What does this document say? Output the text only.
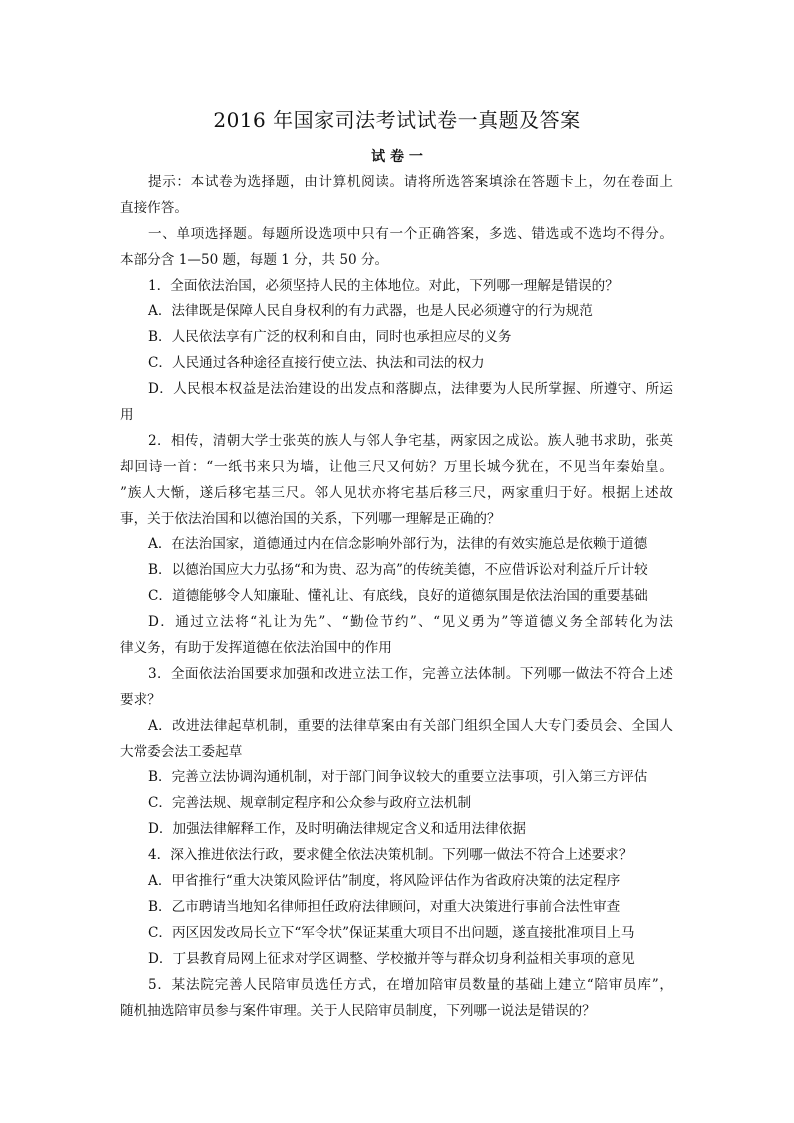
2016 年国家司法考试试卷一真题及答案
试 卷 一
提示：本试卷为选择题，由计算机阅读。请将所选答案填涂在答题卡上，勿在卷面上
直接作答。
一、单项选择题。每题所设选项中只有一个正确答案，多选、错选或不选均不得分。
本部分含 1—50 题，每题 1 分，共 50 分。
1．全面依法治国，必须坚持人民的主体地位。对此，下列哪一理解是错误的？
A．法律既是保障人民自身权利的有力武器，也是人民必须遵守的行为规范
B．人民依法享有广泛的权利和自由，同时也承担应尽的义务
C．人民通过各种途径直接行使立法、执法和司法的权力
D．人民根本权益是法治建设的出发点和落脚点，法律要为人民所掌握、所遵守、所运
用
2．相传，清朝大学士张英的族人与邻人争宅基，两家因之成讼。族人驰书求助，张英
却回诗一首：“一纸书来只为墙，让他三尺又何妨？万里长城今犹在，不见当年秦始皇。
”族人大惭，遂后移宅基三尺。邻人见状亦将宅基后移三尺，两家重归于好。根据上述故
事，关于依法治国和以德治国的关系，下列哪一理解是正确的？
A．在法治国家，道德通过内在信念影响外部行为，法律的有效实施总是依赖于道德
B．以德治国应大力弘扬“和为贵、忍为高”的传统美德，不应借诉讼对利益斤斤计较
C．道德能够令人知廉耻、懂礼让、有底线，良好的道德氛围是依法治国的重要基础
D．通过立法将“礼让为先”、“勤俭节约”、“见义勇为”等道德义务全部转化为法
律义务，有助于发挥道德在依法治国中的作用
3．全面依法治国要求加强和改进立法工作，完善立法体制。下列哪一做法不符合上述
要求？
A．改进法律起草机制，重要的法律草案由有关部门组织全国人大专门委员会、全国人
大常委会法工委起草
B．完善立法协调沟通机制，对于部门间争议较大的重要立法事项，引入第三方评估
C．完善法规、规章制定程序和公众参与政府立法机制
D．加强法律解释工作，及时明确法律规定含义和适用法律依据
4．深入推进依法行政，要求健全依法决策机制。下列哪一做法不符合上述要求？
A．甲省推行“重大决策风险评估”制度，将风险评估作为省政府决策的法定程序
B．乙市聘请当地知名律师担任政府法律顾问，对重大决策进行事前合法性审查
C．丙区因发改局长立下“军令状”保证某重大项目不出问题，遂直接批准项目上马
D．丁县教育局网上征求对学区调整、学校撤并等与群众切身利益相关事项的意见
5．某法院完善人民陪审员选任方式，在增加陪审员数量的基础上建立“陪审员库”，
随机抽选陪审员参与案件审理。关于人民陪审员制度，下列哪一说法是错误的？
